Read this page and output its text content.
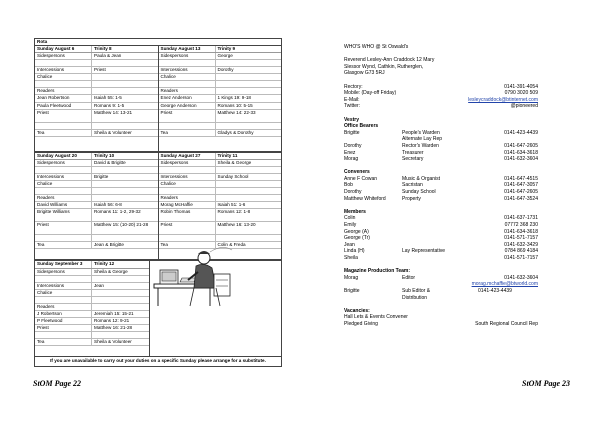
Rota
Sunday August 6	Trinity 8
Sidespersons	Paula & Jean
Intercessions	Priest
Chalice
Readers
Jean Robertson	Isaiah 55: 1-5
Paula Fleetwood	Romans 9: 1-5
Priest	Matthew 14: 13-21
Tea	Sheila & Volunteer
Sunday August 13	Trinity 9
Sidespersons	George
Intercessions	Dorothy
Chalice
Readers
Enez Anderson	1 Kings 19: 9-18
George Anderson	Romans 10: 5-15
Priest	Matthew 14: 22-33
Tea	Gladys & Dorothy
Sunday August 20	Trinity 10
Sidespersons	David & Brigitte
Intercessions	Brigitte
Chalice
Readers
David Williams	Isaiah 56: 6-8
Brigitte Williams	Romans 11: 1-2, 29-32
Priest	Matthew 15: (10-20) 21-28
Tea	Jean & Brigitte
Sunday August 27	Trinity 11
Sidespersons	Sheila & George
Intercessions	Sunday School
Chalice
Readers
Morag McHaffie	Isaiah 51: 1-6
Robin Thomas	Romans 12: 1-8
Priest	Matthew 16: 13-20
Tea	Colin & Freda
Sunday September 3	Trinity 12
Sidespersons	Sheila & George
Intercessions	Jean
Chalice
Readers
J Robertson	Jeremiah 15: 15-21
P Fleetwood	Romans 12: 9-21
Priest	Matthew 16: 21-28
Tea	Sheila & Volunteer
If you are unavailable to carry out your duties on a specific Sunday please arrange for a substitute.
StOM Page 22	StOM Page 23
WHO'S WHO @ St Oswald's
Reverend Lesley-Ann Craddock 12 Mary
Slessor Wynd, Cathkin, Rutherglen,
Glasgow G73 5RJ
Rectory:	0141-391-4054
Mobile: (Day-off Friday)	0790 3020 509
E-Mail:	lesleycraddock@btinternet.com
Twitter:	@pioneered
Vestry
Office Bearers
Brigitte	People's Warden	0141-423-4439
Alternate Lay Rep
Dorothy	Rector's Warden	0141-647-2605
Enez	Treasurer	0141-634-3618
Morag	Secretary	0141-632-3604
Conveners
Anne F Cowan	Music & Organist	0141-647-4515
Bob	Sacristan	0141-647-3057
Dorothy	Sunday School	0141-647-2605
Matthew Whiteford	Property	0141-647-3524
Members
Colin	0141-637-1731
Emily	07772 368 230
George (A)	0141-634-3618
George (Tr)	0141-571-7157
Jean	0141-632-3429
Linda (H)	Lay Representative	0784 869 4184
Sheila	0141-571-7157
Magazine Production Team:
Morag	Editor	0141-632-3604
morag.mchaffie@btworld.com
Brigitte	Sub Editor &	0141-423-4439
Distribution
Vacancies:
Hall Lets & Events Convener
Pledged Giving	South Regional Council Rep
